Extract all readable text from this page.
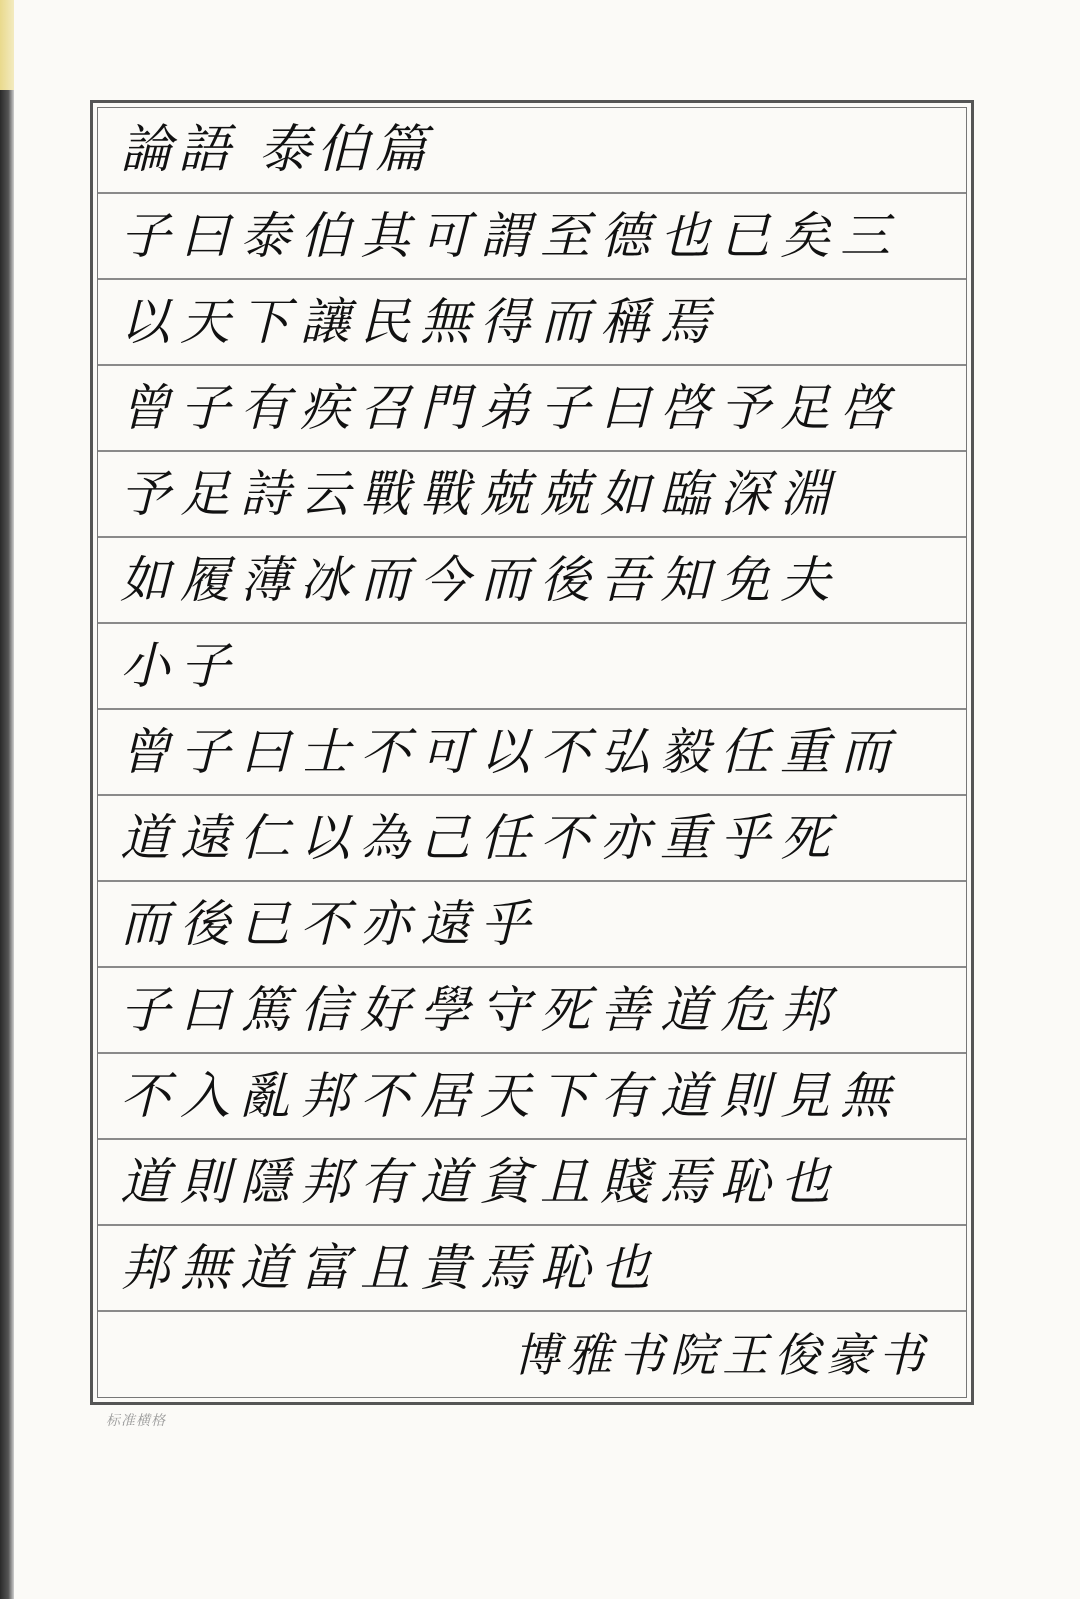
論語 泰伯篇
子曰泰伯其可謂至德也已矣三
以天下讓民無得而稱焉
曾子有疾召門弟子曰啓予足啓
予足詩云戰戰兢兢如臨深淵
如履薄冰而今而後吾知免夫
小子
曾子曰士不可以不弘毅任重而
道遠仁以為己任不亦重乎死
而後已不亦遠乎
子曰篤信好學守死善道危邦
不入亂邦不居天下有道則見無
道則隱邦有道貧且賤焉恥也
邦無道富且貴焉恥也
博雅书院王俊豪书
标准横格
